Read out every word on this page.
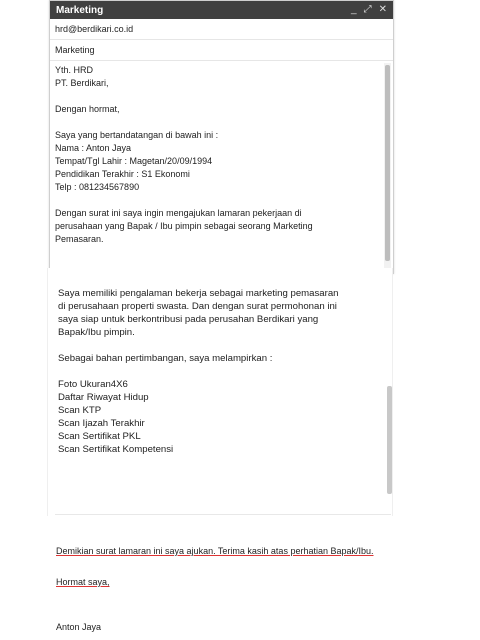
Marketing	_ ⤢ ✕
hrd@berdikari.co.id
Marketing
Yth. HRD
PT. Berdikari,
Dengan hormat,
Saya yang bertandatangan di bawah ini :
Nama : Anton Jaya
Tempat/Tgl Lahir : Magetan/20/09/1994
Pendidikan Terakhir : S1 Ekonomi
Telp : 081234567890
Dengan surat ini saya ingin mengajukan lamaran pekerjaan di
perusahaan yang Bapak / Ibu pimpin sebagai seorang Marketing
Pemasaran.
Saya memiliki pengalaman bekerja sebagai marketing pemasaran
di perusahaan properti swasta. Dan dengan surat permohonan ini
saya siap untuk berkontribusi pada perusahan Berdikari yang
Bapak/Ibu pimpin.
Sebagai bahan pertimbangan, saya melampirkan :
Foto Ukuran4X6
Daftar Riwayat Hidup
Scan KTP
Scan Ijazah Terakhir
Scan Sertifikat PKL
Scan Sertifikat Kompetensi
Demikian surat lamaran ini saya ajukan. Terima kasih atas perhatian Bapak/Ibu.
Hormat saya,
Anton Jaya
